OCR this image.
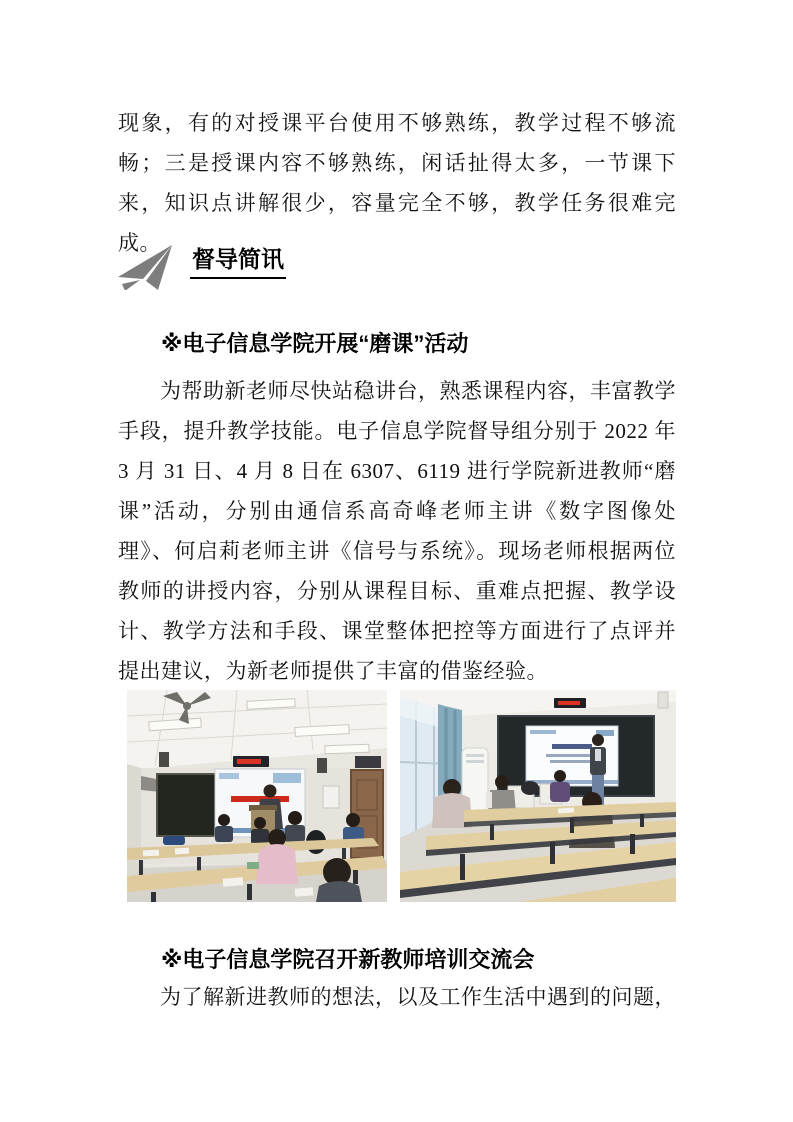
现象，有的对授课平台使用不够熟练，教学过程不够流畅；三是授课内容不够熟练，闲话扯得太多，一节课下来，知识点讲解很少，容量完全不够，教学任务很难完成。

督导简讯
※电子信息学院开展“磨课”活动

为帮助新老师尽快站稳讲台，熟悉课程内容，丰富教学手段，提升教学技能。电子信息学院督导组分别于 2022 年 3 月 31 日、4 月 8 日在 6307、6119 进行学院新进教师“磨课”活动，分别由通信系高奇峰老师主讲《数字图像处理》、何启莉老师主讲《信号与系统》。现场老师根据两位教师的讲授内容，分别从课程目标、重难点把握、教学设计、教学方法和手段、课堂整体把控等方面进行了点评并提出建议，为新老师提供了丰富的借鉴经验。

※电子信息学院召开新教师培训交流会

为了解新进教师的想法，以及工作生活中遇到的问题，
